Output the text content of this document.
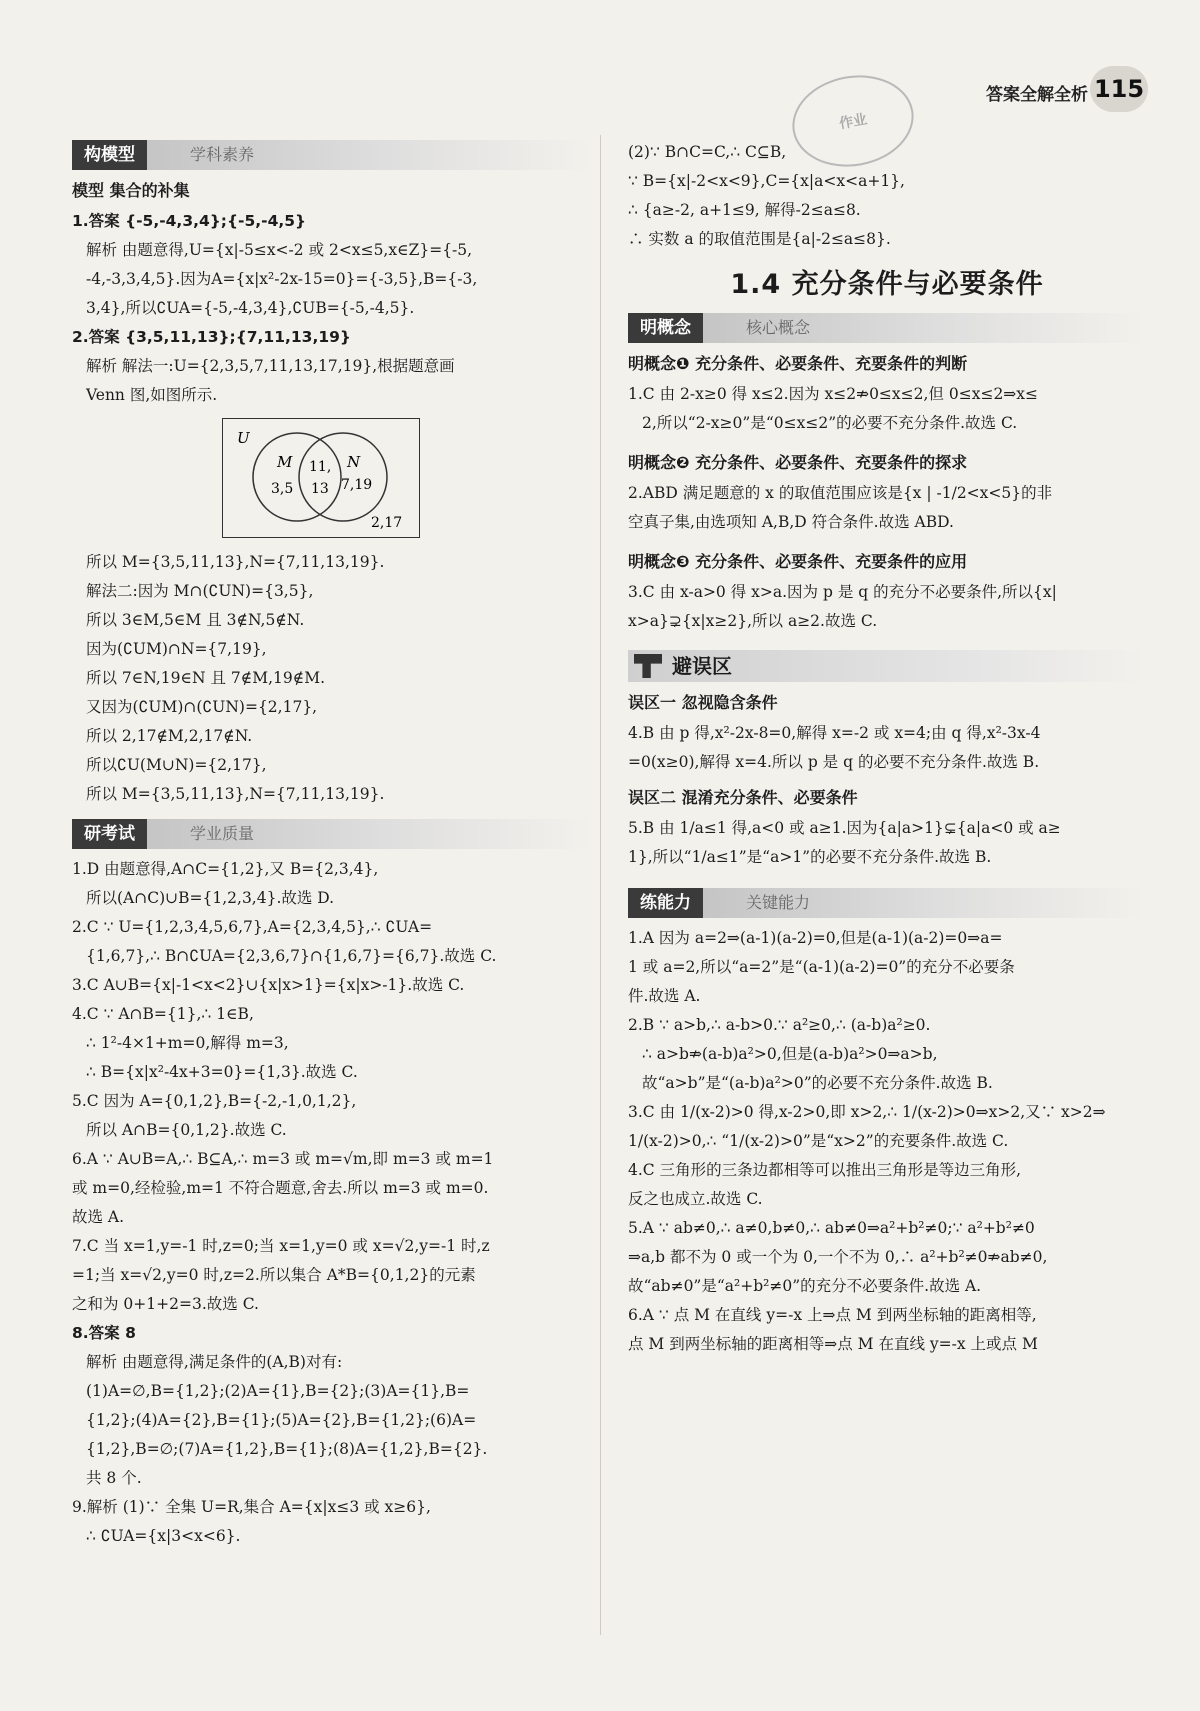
答案全解全析 115
作业
构模型	学科素养
模型 集合的补集

1.答案 {-5,-4,3,4};{-5,-4,5}

解析 由题意得,U={x|-5≤x<-2 或 2<x≤5,x∈Z}={-5,

-4,-3,3,4,5}.因为A={x|x²-2x-15=0}={-3,5},B={-3,

3,4},所以∁UA={-5,-4,3,4},∁UB={-5,-4,5}.

2.答案 {3,5,11,13};{7,11,13,19}

解析 解法一:U={2,3,5,7,11,13,17,19},根据题意画

Venn 图,如图所示.

U
M	N
3,5
11,
13 7,19
2,17

所以 M={3,5,11,13},N={7,11,13,19}.

解法二:因为 M∩(∁UN)={3,5},

所以 3∈M,5∈M 且 3∉N,5∉N.

因为(∁UM)∩N={7,19},

所以 7∈N,19∈N 且 7∉M,19∉M.

又因为(∁UM)∩(∁UN)={2,17},

所以 2,17∉M,2,17∉N.

所以∁U(M∪N)={2,17},

所以 M={3,5,11,13},N={7,11,13,19}.

研考试	学业质量

1.D 由题意得,A∩C={1,2},又 B={2,3,4},

所以(A∩C)∪B={1,2,3,4}.故选 D.

2.C ∵ U={1,2,3,4,5,6,7},A={2,3,4,5},∴ ∁UA=

{1,6,7},∴ B∩∁UA={2,3,6,7}∩{1,6,7}={6,7}.故选 C.

3.C A∪B={x|-1<x<2}∪{x|x>1}={x|x>-1}.故选 C.

4.C ∵ A∩B={1},∴ 1∈B,

∴ 1²-4×1+m=0,解得 m=3,

∴ B={x|x²-4x+3=0}={1,3}.故选 C.

5.C 因为 A={0,1,2},B={-2,-1,0,1,2},

所以 A∩B={0,1,2}.故选 C.

6.A ∵ A∪B=A,∴ B⊆A,∴ m=3 或 m=√m,即 m=3 或 m=1

或 m=0,经检验,m=1 不符合题意,舍去.所以 m=3 或 m=0.

故选 A.

7.C 当 x=1,y=-1 时,z=0;当 x=1,y=0 或 x=√2,y=-1 时,z

=1;当 x=√2,y=0 时,z=2.所以集合 A*B={0,1,2}的元素

之和为 0+1+2=3.故选 C.

8.答案 8

解析 由题意得,满足条件的(A,B)对有:

(1)A=∅,B={1,2};(2)A={1},B={2};(3)A={1},B=

{1,2};(4)A={2},B={1};(5)A={2},B={1,2};(6)A=

{1,2},B=∅;(7)A={1,2},B={1};(8)A={1,2},B={2}.

共 8 个.

9.解析 (1)∵ 全集 U=R,集合 A={x|x≤3 或 x≥6},

∴ ∁UA={x|3<x<6}.

(2)∵ B∩C=C,∴ C⊆B,

∵ B={x|-2<x<9},C={x|a<x<a+1},

∴ {a≥-2, a+1≤9, 解得-2≤a≤8.

∴ 实数 a 的取值范围是{a|-2≤a≤8}.

1.4 充分条件与必要条件
明概念	核心概念
明概念❶ 充分条件、必要条件、充要条件的判断

1.C 由 2-x≥0 得 x≤2.因为 x≤2⇏0≤x≤2,但 0≤x≤2⇒x≤

2,所以“2-x≥0”是“0≤x≤2”的必要不充分条件.故选 C.

明概念❷ 充分条件、必要条件、充要条件的探求

2.ABD 满足题意的 x 的取值范围应该是{x | -1/2<x<5}的非

空真子集,由选项知 A,B,D 符合条件.故选 ABD.

明概念❸ 充分条件、必要条件、充要条件的应用

3.C 由 x-a>0 得 x>a.因为 p 是 q 的充分不必要条件,所以{x|

x>a}⊋{x|x≥2},所以 a≥2.故选 C.

避误区
误区一 忽视隐含条件

4.B 由 p 得,x²-2x-8=0,解得 x=-2 或 x=4;由 q 得,x²-3x-4

=0(x≥0),解得 x=4.所以 p 是 q 的必要不充分条件.故选 B.

误区二 混淆充分条件、必要条件

5.B 由 1/a≤1 得,a<0 或 a≥1.因为{a|a>1}⊊{a|a<0 或 a≥

1},所以“1/a≤1”是“a>1”的必要不充分条件.故选 B.

练能力	关键能力

1.A 因为 a=2⇒(a-1)(a-2)=0,但是(a-1)(a-2)=0⇒a=

1 或 a=2,所以“a=2”是“(a-1)(a-2)=0”的充分不必要条

件.故选 A.

2.B ∵ a>b,∴ a-b>0.∵ a²≥0,∴ (a-b)a²≥0.

∴ a>b⇏(a-b)a²>0,但是(a-b)a²>0⇒a>b,

故“a>b”是“(a-b)a²>0”的必要不充分条件.故选 B.

3.C 由 1/(x-2)>0 得,x-2>0,即 x>2,∴ 1/(x-2)>0⇒x>2,又∵ x>2⇒

1/(x-2)>0,∴ “1/(x-2)>0”是“x>2”的充要条件.故选 C.

4.C 三角形的三条边都相等可以推出三角形是等边三角形,

反之也成立.故选 C.

5.A ∵ ab≠0,∴ a≠0,b≠0,∴ ab≠0⇒a²+b²≠0;∵ a²+b²≠0

⇒a,b 都不为 0 或一个为 0,一个不为 0,∴ a²+b²≠0⇏ab≠0,

故“ab≠0”是“a²+b²≠0”的充分不必要条件.故选 A.

6.A ∵ 点 M 在直线 y=-x 上⇒点 M 到两坐标轴的距离相等,

点 M 到两坐标轴的距离相等⇒点 M 在直线 y=-x 上或点 M
